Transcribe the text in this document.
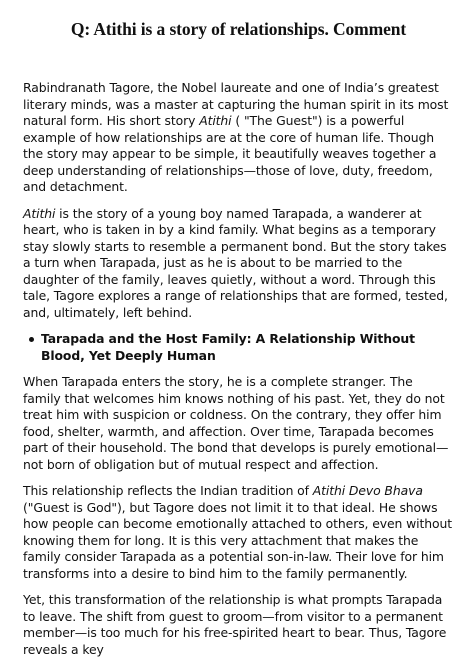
Q: Atithi is a story of relationships. Comment

Rabindranath Tagore, the Nobel laureate and one of India’s greatest literary minds, was a master at capturing the human spirit in its most natural form. His short story Atithi ( "The Guest") is a powerful example of how relationships are at the core of human life. Though the story may appear to be simple, it beautifully weaves together a deep understanding of relationships—those of love, duty, freedom, and detachment.

Atithi is the story of a young boy named Tarapada, a wanderer at heart, who is taken in by a kind family. What begins as a temporary stay slowly starts to resemble a permanent bond. But the story takes a turn when Tarapada, just as he is about to be married to the daughter of the family, leaves quietly, without a word. Through this tale, Tagore explores a range of relationships that are formed, tested, and, ultimately, left behind.

Tarapada and the Host Family: A Relationship Without Blood, Yet Deeply Human

When Tarapada enters the story, he is a complete stranger. The family that welcomes him knows nothing of his past. Yet, they do not treat him with suspicion or coldness. On the contrary, they offer him food, shelter, warmth, and affection. Over time, Tarapada becomes part of their household. The bond that develops is purely emotional—not born of obligation but of mutual respect and affection.

This relationship reflects the Indian tradition of Atithi Devo Bhava ("Guest is God"), but Tagore does not limit it to that ideal. He shows how people can become emotionally attached to others, even without knowing them for long. It is this very attachment that makes the family consider Tarapada as a potential son-in-law. Their love for him transforms into a desire to bind him to the family permanently.

Yet, this transformation of the relationship is what prompts Tarapada to leave. The shift from guest to groom—from visitor to a permanent member—is too much for his free-spirited heart to bear. Thus, Tagore reveals a key
